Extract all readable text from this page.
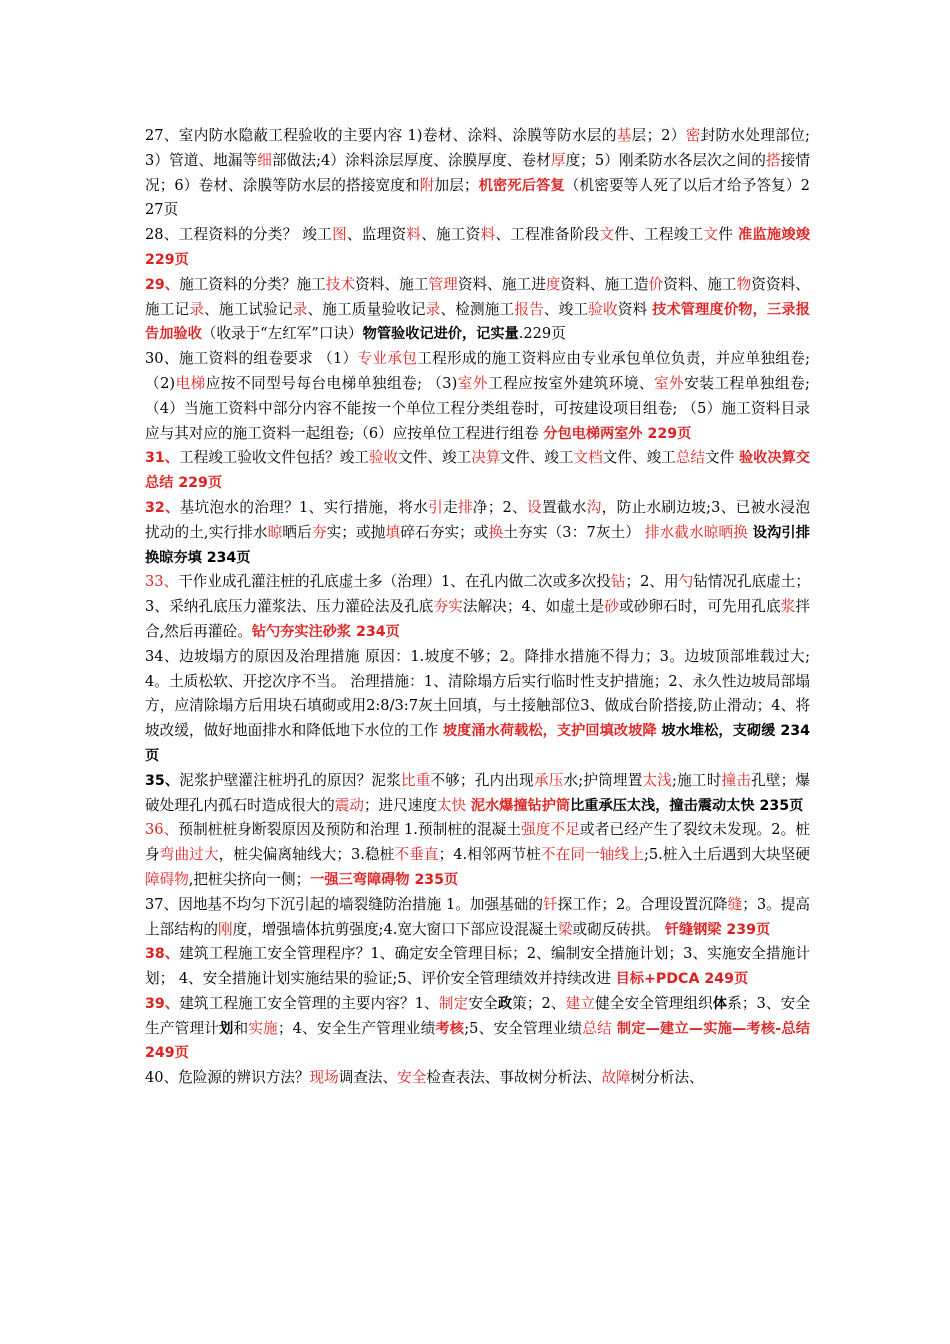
27、室内防水隐蔽工程验收的主要内容 1)卷材、涂料、涂膜等防水层的基层；2）密封防水处理部位;3）管道、地漏等细部做法;4）涂料涂层厚度、涂膜厚度、卷材厚度；5）刚柔防水各层次之间的搭接情况；6）卷材、涂膜等防水层的搭接宽度和附加层；机密死后答复（机密要等人死了以后才给予答复）227页

28、工程资料的分类？ 竣工图、监理资料、施工资料、工程准备阶段文件、工程竣工文件 准监施竣竣 229页

29、施工资料的分类？施工技术资料、施工管理资料、施工进度资料、施工造价资料、施工物资资料、施工记录、施工试验记录、施工质量验收记录、检测施工报告、竣工验收资料 技术管理度价物，三录报告加验收（收录于“左红军”口诀）物管验收记进价，记实量.229页

30、施工资料的组卷要求 （1）专业承包工程形成的施工资料应由专业承包单位负责，并应单独组卷;（2)电梯应按不同型号每台电梯单独组卷; （3)室外工程应按室外建筑环境、室外安装工程单独组卷;（4）当施工资料中部分内容不能按一个单位工程分类组卷时，可按建设项目组卷; （5）施工资料目录应与其对应的施工资料一起组卷;（6）应按单位工程进行组卷 分包电梯两室外 229页

31、工程竣工验收文件包括？竣工验收文件、竣工决算文件、竣工文档文件、竣工总结文件 验收决算交总结 229页

32、基坑泡水的治理？1、实行措施，将水引走排净；2、设置截水沟，防止水刷边坡;3、已被水浸泡扰动的土,实行排水晾晒后夯实；或抛填碎石夯实；或换土夯实（3：7灰土） 排水截水晾晒换 设沟引排换晾夯填 234页

33、干作业成孔灌注桩的孔底虚土多（治理）1、在孔内做二次或多次投钻；2、用勺钻情况孔底虚土；3、采纳孔底压力灌浆法、压力灌砼法及孔底夯实法解决；4、如虚土是砂或砂卵石时，可先用孔底浆拌合,然后再灌砼。钻勺夯实注砂浆 234页

34、边坡塌方的原因及治理措施 原因：1.坡度不够；2。降排水措施不得力；3。边坡顶部堆载过大;4。土质松软、开挖次序不当。 治理措施：1、清除塌方后实行临时性支护措施；2、永久性边坡局部塌方，应清除塌方后用块石填砌或用2:8/3:7灰土回填，与土接触部位3、做成台阶搭接,防止滑动；4、将坡改缓，做好地面排水和降低地下水位的工作 坡度涌水荷载松，支护回填改坡降 坡水堆松，支砌缓 234页

35、泥浆护壁灌注桩坍孔的原因？泥浆比重不够；孔内出现承压水;护筒埋置太浅;施工时撞击孔壁；爆破处理孔内孤石时造成很大的震动；进尺速度太快 泥水爆撞钻护筒比重承压太浅，撞击震动太快 235页

36、预制桩桩身断裂原因及预防和治理 1.预制桩的混凝土强度不足或者已经产生了裂纹未发现。2。桩身弯曲过大，桩尖偏离轴线大；3.稳桩不垂直；4.相邻两节桩不在同一轴线上;5.桩入土后遇到大块坚硬障碍物,把桩尖挤向一侧；一强三弯障碍物 235页

37、因地基不均匀下沉引起的墙裂缝防治措施 1。加强基础的钎探工作；2。合理设置沉降缝；3。提高上部结构的刚度，增强墙体抗剪强度;4.宽大窗口下部应设混凝土梁或砌反砖拱。 钎缝钢梁 239页

38、建筑工程施工安全管理程序？1、确定安全管理目标；2、编制安全措施计划；3、实施安全措施计划； 4、安全措施计划实施结果的验证;5、评价安全管理绩效并持续改进 目标+PDCA 249页

39、建筑工程施工安全管理的主要内容？1、制定安全政策；2、建立健全安全管理组织体系；3、安全生产管理计划和实施；4、安全生产管理业绩考核;5、安全管理业绩总结 制定—建立—实施—考核-总结 249页

40、危险源的辨识方法？现场调查法、安全检查表法、事故树分析法、故障树分析法、
